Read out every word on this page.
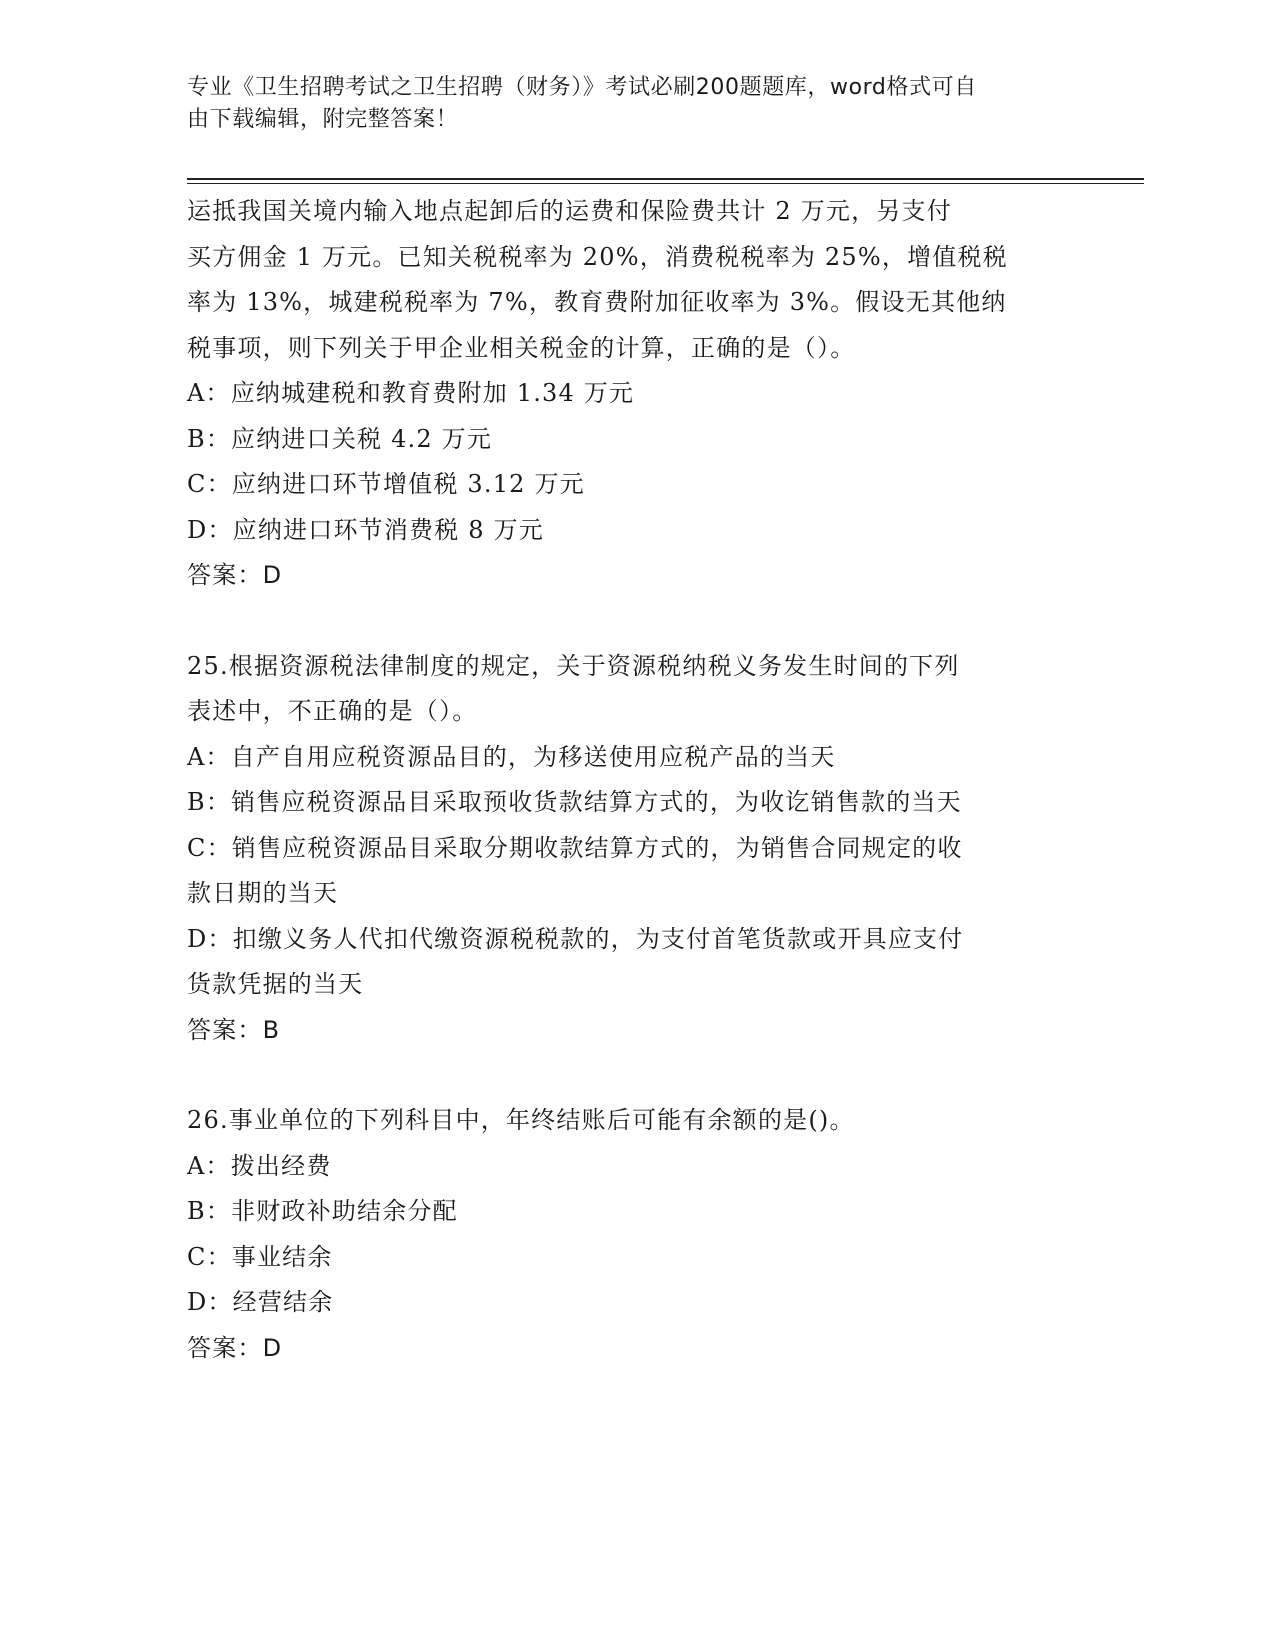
专业《卫生招聘考试之卫生招聘（财务）》考试必刷200题题库，word格式可自
由下载编辑，附完整答案！
运抵我国关境内输入地点起卸后的运费和保险费共计 2 万元，另支付
买方佣金 1 万元。已知关税税率为 20%，消费税税率为 25%，增值税税
率为 13%，城建税税率为 7%，教育费附加征收率为 3%。假设无其他纳
税事项，则下列关于甲企业相关税金的计算，正确的是（）。
A：应纳城建税和教育费附加 1.34 万元
B：应纳进口关税 4.2 万元
C：应纳进口环节增值税 3.12 万元
D：应纳进口环节消费税 8 万元
答案：D
25.根据资源税法律制度的规定，关于资源税纳税义务发生时间的下列
表述中，不正确的是（）。
A：自产自用应税资源品目的，为移送使用应税产品的当天
B：销售应税资源品目采取预收货款结算方式的，为收讫销售款的当天
C：销售应税资源品目采取分期收款结算方式的，为销售合同规定的收
款日期的当天
D：扣缴义务人代扣代缴资源税税款的，为支付首笔货款或开具应支付
货款凭据的当天
答案：B
26.事业单位的下列科目中，年终结账后可能有余额的是()。
A：拨出经费
B：非财政补助结余分配
C：事业结余
D：经营结余
答案：D
